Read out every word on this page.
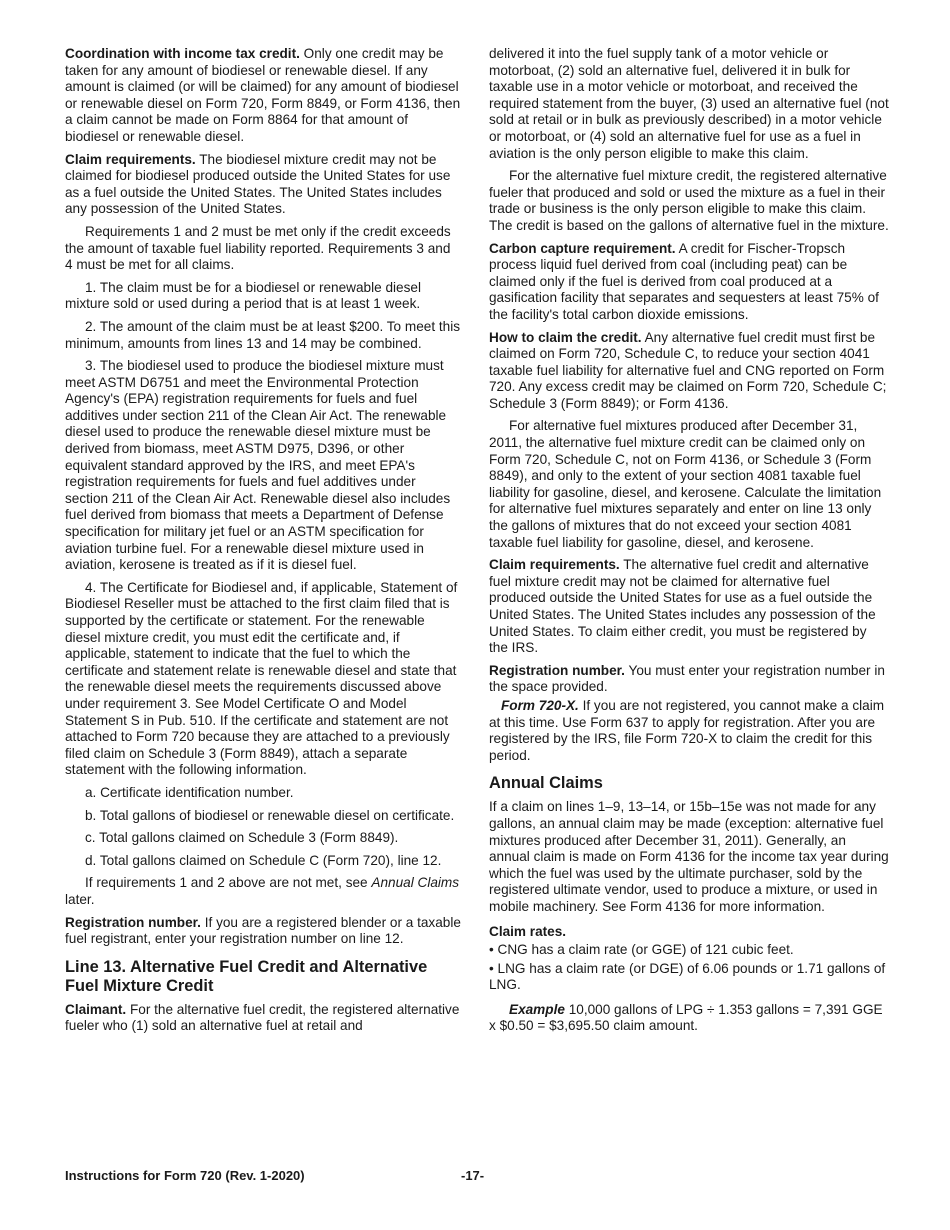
Coordination with income tax credit. Only one credit may be taken for any amount of biodiesel or renewable diesel. If any amount is claimed (or will be claimed) for any amount of biodiesel or renewable diesel on Form 720, Form 8849, or Form 4136, then a claim cannot be made on Form 8864 for that amount of biodiesel or renewable diesel.

Claim requirements. The biodiesel mixture credit may not be claimed for biodiesel produced outside the United States for use as a fuel outside the United States. The United States includes any possession of the United States.

Requirements 1 and 2 must be met only if the credit exceeds the amount of taxable fuel liability reported. Requirements 3 and 4 must be met for all claims.

1. The claim must be for a biodiesel or renewable diesel mixture sold or used during a period that is at least 1 week.

2. The amount of the claim must be at least $200. To meet this minimum, amounts from lines 13 and 14 may be combined.

3. The biodiesel used to produce the biodiesel mixture must meet ASTM D6751 and meet the Environmental Protection Agency's (EPA) registration requirements for fuels and fuel additives under section 211 of the Clean Air Act. The renewable diesel used to produce the renewable diesel mixture must be derived from biomass, meet ASTM D975, D396, or other equivalent standard approved by the IRS, and meet EPA's registration requirements for fuels and fuel additives under section 211 of the Clean Air Act. Renewable diesel also includes fuel derived from biomass that meets a Department of Defense specification for military jet fuel or an ASTM specification for aviation turbine fuel. For a renewable diesel mixture used in aviation, kerosene is treated as if it is diesel fuel.

4. The Certificate for Biodiesel and, if applicable, Statement of Biodiesel Reseller must be attached to the first claim filed that is supported by the certificate or statement. For the renewable diesel mixture credit, you must edit the certificate and, if applicable, statement to indicate that the fuel to which the certificate and statement relate is renewable diesel and state that the renewable diesel meets the requirements discussed above under requirement 3. See Model Certificate O and Model Statement S in Pub. 510. If the certificate and statement are not attached to Form 720 because they are attached to a previously filed claim on Schedule 3 (Form 8849), attach a separate statement with the following information.

a. Certificate identification number.

b. Total gallons of biodiesel or renewable diesel on certificate.

c. Total gallons claimed on Schedule 3 (Form 8849).

d. Total gallons claimed on Schedule C (Form 720), line 12.

If requirements 1 and 2 above are not met, see Annual Claims later.

Registration number. If you are a registered blender or a taxable fuel registrant, enter your registration number on line 12.

Line 13. Alternative Fuel Credit and Alternative Fuel Mixture Credit

Claimant. For the alternative fuel credit, the registered alternative fueler who (1) sold an alternative fuel at retail and

delivered it into the fuel supply tank of a motor vehicle or motorboat, (2) sold an alternative fuel, delivered it in bulk for taxable use in a motor vehicle or motorboat, and received the required statement from the buyer, (3) used an alternative fuel (not sold at retail or in bulk as previously described) in a motor vehicle or motorboat, or (4) sold an alternative fuel for use as a fuel in aviation is the only person eligible to make this claim.

For the alternative fuel mixture credit, the registered alternative fueler that produced and sold or used the mixture as a fuel in their trade or business is the only person eligible to make this claim. The credit is based on the gallons of alternative fuel in the mixture.

Carbon capture requirement. A credit for Fischer-Tropsch process liquid fuel derived from coal (including peat) can be claimed only if the fuel is derived from coal produced at a gasification facility that separates and sequesters at least 75% of the facility's total carbon dioxide emissions.

How to claim the credit. Any alternative fuel credit must first be claimed on Form 720, Schedule C, to reduce your section 4041 taxable fuel liability for alternative fuel and CNG reported on Form 720. Any excess credit may be claimed on Form 720, Schedule C; Schedule 3 (Form 8849); or Form 4136.

For alternative fuel mixtures produced after December 31, 2011, the alternative fuel mixture credit can be claimed only on Form 720, Schedule C, not on Form 4136, or Schedule 3 (Form 8849), and only to the extent of your section 4081 taxable fuel liability for gasoline, diesel, and kerosene. Calculate the limitation for alternative fuel mixtures separately and enter on line 13 only the gallons of mixtures that do not exceed your section 4081 taxable fuel liability for gasoline, diesel, and kerosene.

Claim requirements. The alternative fuel credit and alternative fuel mixture credit may not be claimed for alternative fuel produced outside the United States for use as a fuel outside the United States. The United States includes any possession of the United States. To claim either credit, you must be registered by the IRS.

Registration number. You must enter your registration number in the space provided.

Form 720-X. If you are not registered, you cannot make a claim at this time. Use Form 637 to apply for registration. After you are registered by the IRS, file Form 720-X to claim the credit for this period.

Annual Claims

If a claim on lines 1–9, 13–14, or 15b–15e was not made for any gallons, an annual claim may be made (exception: alternative fuel mixtures produced after December 31, 2011). Generally, an annual claim is made on Form 4136 for the income tax year during which the fuel was used by the ultimate purchaser, sold by the registered ultimate vendor, used to produce a mixture, or used in mobile machinery. See Form 4136 for more information.

Claim rates.

• CNG has a claim rate (or GGE) of 121 cubic feet.

• LNG has a claim rate (or DGE) of 6.06 pounds or 1.71 gallons of LNG.

Example 10,000 gallons of LPG ÷ 1.353 gallons = 7,391 GGE x $0.50 = $3,695.50 claim amount.

Instructions for Form 720 (Rev. 1-2020)	-17-
